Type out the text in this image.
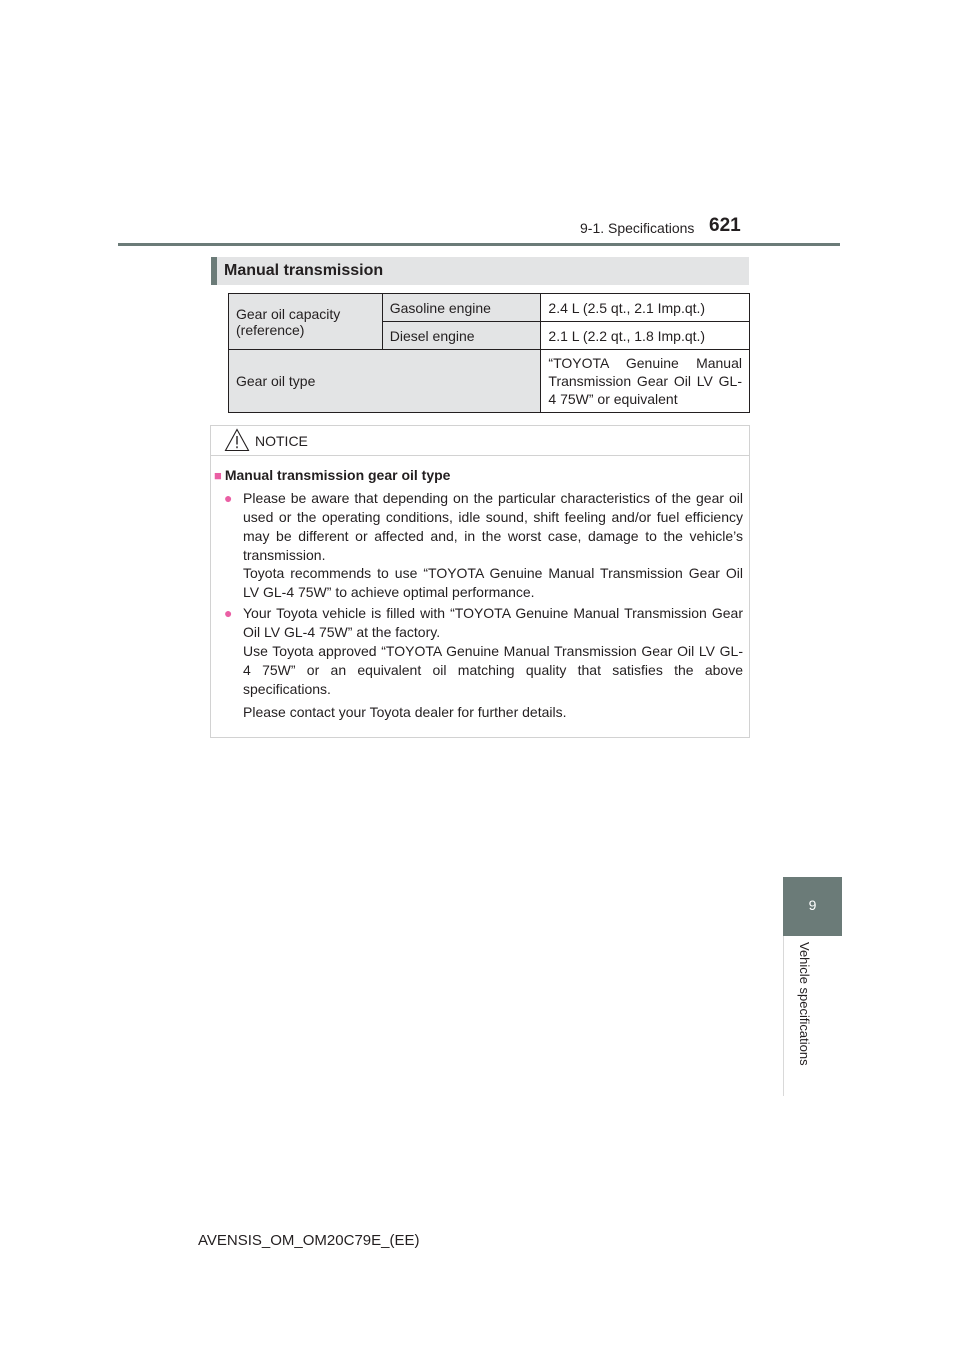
9-1. Specifications 621
Manual transmission
Gear oil capacity (reference)	Gasoline engine	2.4 L (2.5 qt., 2.1 Imp.qt.)
	Diesel engine	2.1 L (2.2 qt., 1.8 Imp.qt.)
Gear oil type		“TOYOTA Genuine Manual Transmission Gear Oil LV GL-4 75W” or equivalent
NOTICE
■ Manual transmission gear oil type
● Please be aware that depending on the particular characteristics of the gear oil used or the operating conditions, idle sound, shift feeling and/or fuel efficiency may be different or affected and, in the worst case, damage to the vehicle’s transmission.
Toyota recommends to use “TOYOTA Genuine Manual Transmission Gear Oil LV GL-4 75W” to achieve optimal performance.
● Your Toyota vehicle is filled with “TOYOTA Genuine Manual Transmission Gear Oil LV GL-4 75W” at the factory.
Use Toyota approved “TOYOTA Genuine Manual Transmission Gear Oil LV GL-4 75W” or an equivalent oil matching quality that satisfies the above specifications.
Please contact your Toyota dealer for further details.
9
Vehicle specifications
AVENSIS_OM_OM20C79E_(EE)
